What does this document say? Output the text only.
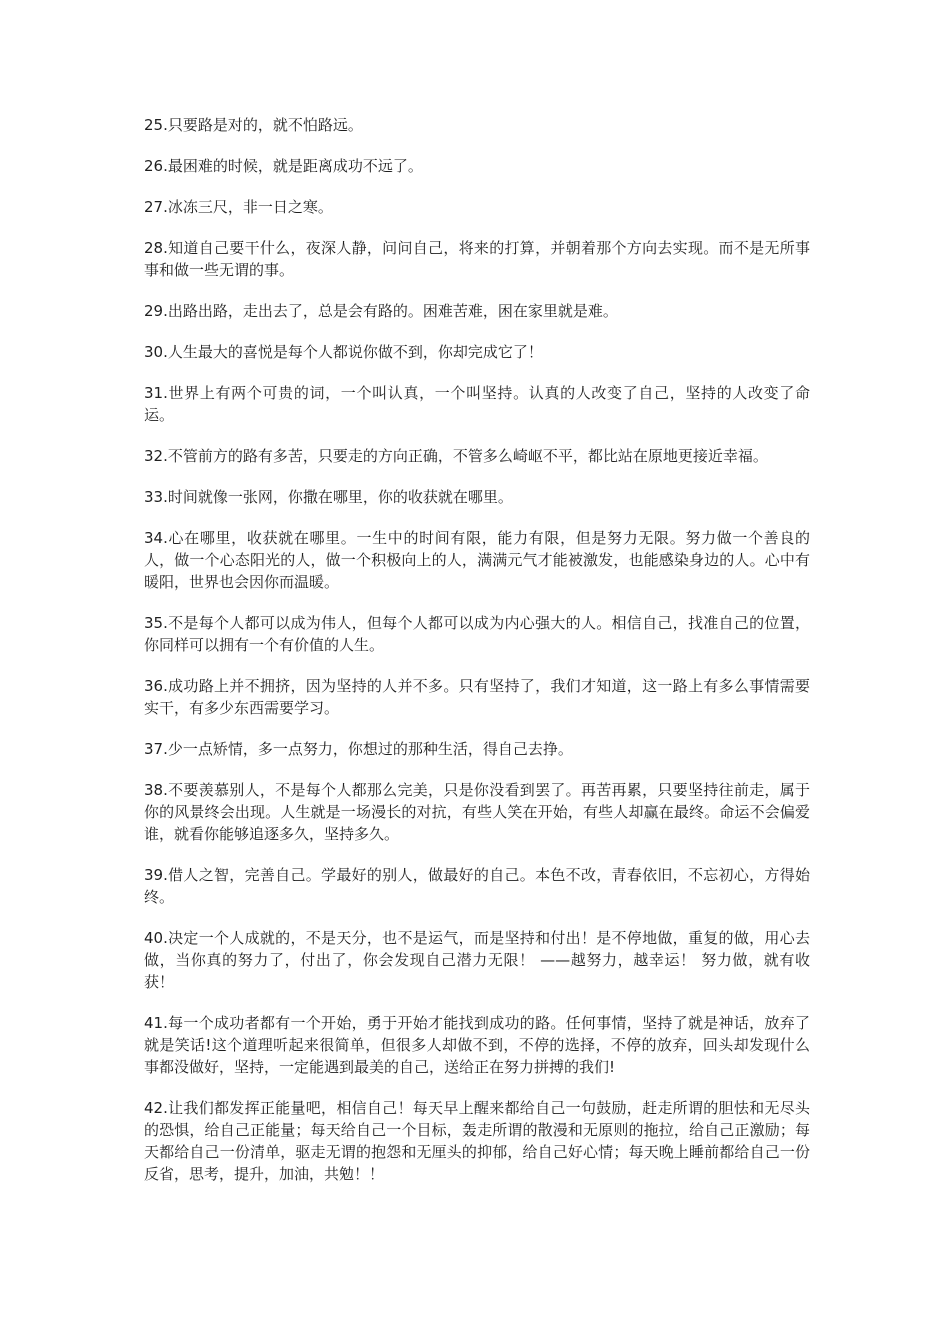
25.只要路是对的，就不怕路远。

26.最困难的时候，就是距离成功不远了。

27.冰冻三尺，非一日之寒。

28.知道自己要干什么，夜深人静，问问自己，将来的打算，并朝着那个方向去实现。而不是无所事事和做一些无谓的事。

29.出路出路，走出去了，总是会有路的。困难苦难，困在家里就是难。

30.人生最大的喜悦是每个人都说你做不到，你却完成它了！

31.世界上有两个可贵的词，一个叫认真，一个叫坚持。认真的人改变了自己，坚持的人改变了命运。

32.不管前方的路有多苦，只要走的方向正确，不管多么崎岖不平，都比站在原地更接近幸福。

33.时间就像一张网，你撒在哪里，你的收获就在哪里。

34.心在哪里，收获就在哪里。一生中的时间有限，能力有限，但是努力无限。努力做一个善良的人，做一个心态阳光的人，做一个积极向上的人，满满元气才能被激发，也能感染身边的人。心中有暖阳，世界也会因你而温暖。

35.不是每个人都可以成为伟人，但每个人都可以成为内心强大的人。相信自己，找准自己的位置，你同样可以拥有一个有价值的人生。

36.成功路上并不拥挤，因为坚持的人并不多。只有坚持了，我们才知道，这一路上有多么事情需要实干，有多少东西需要学习。

37.少一点矫情，多一点努力，你想过的那种生活，得自己去挣。

38.不要羡慕别人，不是每个人都那么完美，只是你没看到罢了。再苦再累，只要坚持往前走，属于你的风景终会出现。人生就是一场漫长的对抗，有些人笑在开始，有些人却赢在最终。命运不会偏爱谁，就看你能够追逐多久，坚持多久。

39.借人之智，完善自己。学最好的别人，做最好的自己。本色不改，青春依旧，不忘初心，方得始终。

40.决定一个人成就的，不是天分，也不是运气，而是坚持和付出！是不停地做，重复的做，用心去做，当你真的努力了，付出了，你会发现自己潜力无限！ ——越努力，越幸运！ 努力做，就有收获！

41.每一个成功者都有一个开始，勇于开始才能找到成功的路。任何事情，坚持了就是神话，放弃了就是笑话!这个道理听起来很简单，但很多人却做不到，不停的选择，不停的放弃，回头却发现什么事都没做好，坚持，一定能遇到最美的自己，送给正在努力拼搏的我们!

42.让我们都发挥正能量吧，相信自己！每天早上醒来都给自己一句鼓励，赶走所谓的胆怯和无尽头的恐惧，给自己正能量；每天给自己一个目标，轰走所谓的散漫和无原则的拖拉，给自己正激励；每天都给自己一份清单，驱走无谓的抱怨和无厘头的抑郁，给自己好心情；每天晚上睡前都给自己一份反省，思考，提升，加油，共勉！！
